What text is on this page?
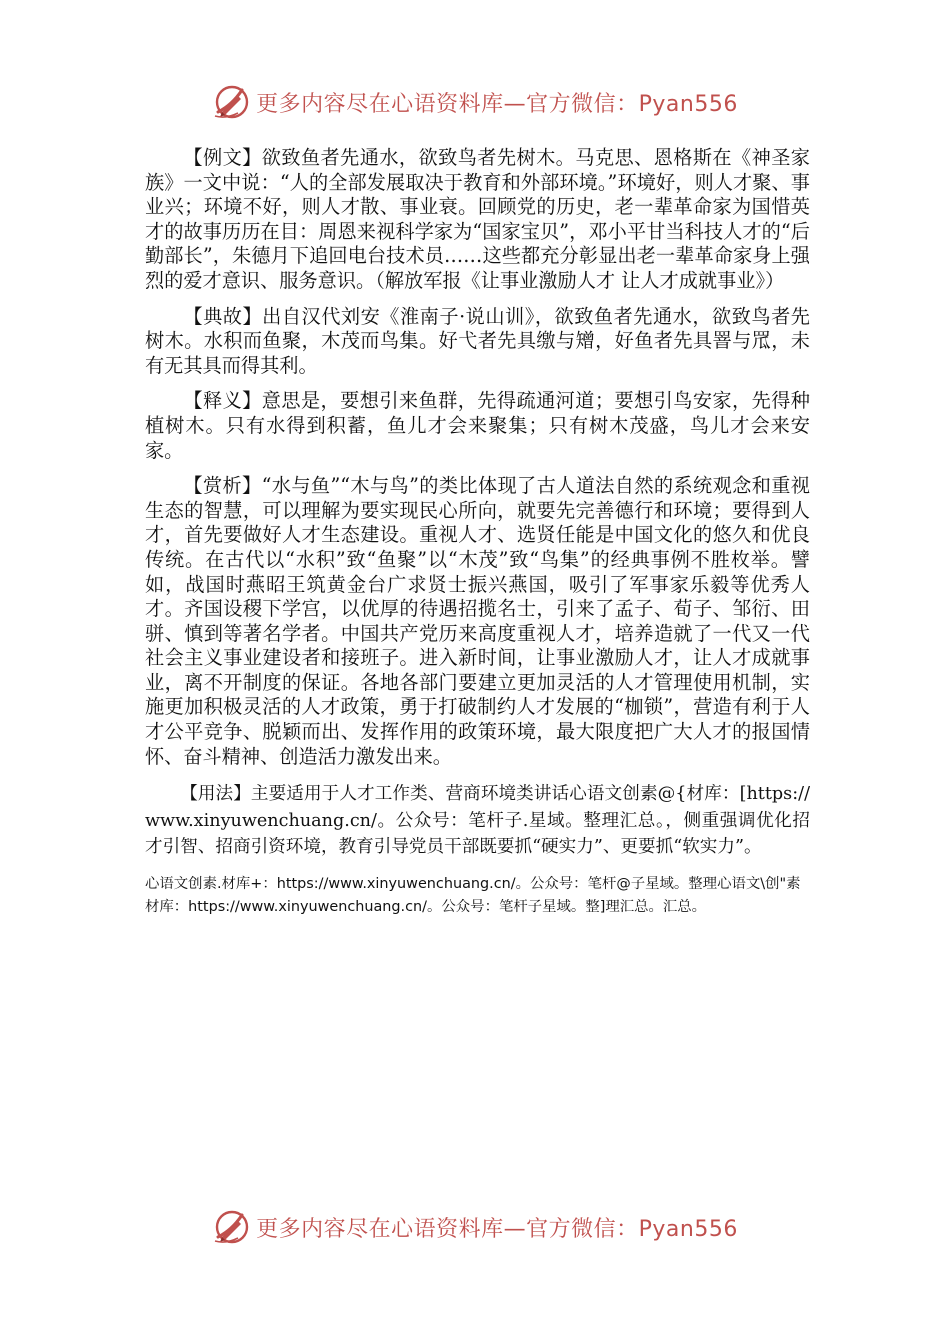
更多内容尽在心语资料库—官方微信：Pyan556

【例文】欲致鱼者先通水，欲致鸟者先树木。马克思、恩格斯在《神圣家族》一文中说：“人的全部发展取决于教育和外部环境。”环境好，则人才聚、事业兴；环境不好，则人才散、事业衰。回顾党的历史，老一辈革命家为国惜英才的故事历历在目：周恩来视科学家为“国家宝贝”，邓小平甘当科技人才的“后勤部长”，朱德月下追回电台技术员……这些都充分彰显出老一辈革命家身上强烈的爱才意识、服务意识。（解放军报《让事业激励人才 让人才成就事业》）

【典故】出自汉代刘安《淮南子·说山训》，欲致鱼者先通水，欲致鸟者先树木。水积而鱼聚，木茂而鸟集。好弋者先具缴与矰，好鱼者先具罯与罛，未有无其具而得其利。

【释义】意思是，要想引来鱼群，先得疏通河道；要想引鸟安家，先得种植树木。只有水得到积蓄，鱼儿才会来聚集；只有树木茂盛，鸟儿才会来安家。

【赏析】“水与鱼”“木与鸟”的类比体现了古人道法自然的系统观念和重视生态的智慧，可以理解为要实现民心所向，就要先完善德行和环境；要得到人才，首先要做好人才生态建设。重视人才、选贤任能是中国文化的悠久和优良传统。在古代以“水积”致“鱼聚”以“木茂”致“鸟集”的经典事例不胜枚举。譬如，战国时燕昭王筑黄金台广求贤士振兴燕国，吸引了军事家乐毅等优秀人才。齐国设稷下学宫，以优厚的待遇招揽名士，引来了孟子、荀子、邹衍、田骈、慎到等著名学者。中国共产党历来高度重视人才，培养造就了一代又一代社会主义事业建设者和接班子。进入新时间，让事业激励人才，让人才成就事业，离不开制度的保证。各地各部门要建立更加灵活的人才管理使用机制，实施更加积极灵活的人才政策，勇于打破制约人才发展的“枷锁”，营造有利于人才公平竞争、脱颖而出、发挥作用的政策环境，最大限度把广大人才的报国情怀、奋斗精神、创造活力激发出来。

【用法】主要适用于人才工作类、营商环境类讲话心语文创素@{材库：[https://www.xinyuwenchuang.cn/。公众号：笔杆子.星域。整理汇总。，侧重强调优化招才引智、招商引资环境，教育引导党员干部既要抓“硬实力”、更要抓“软实力”。

心语文创素.材库+：https://www.xinyuwenchuang.cn/。公众号：笔杆@子星域。整理心语文\创"素材库：https://www.xinyuwenchuang.cn/。公众号：笔杆子星域。整]理汇总。汇总。
更多内容尽在心语资料库—官方微信：Pyan556
